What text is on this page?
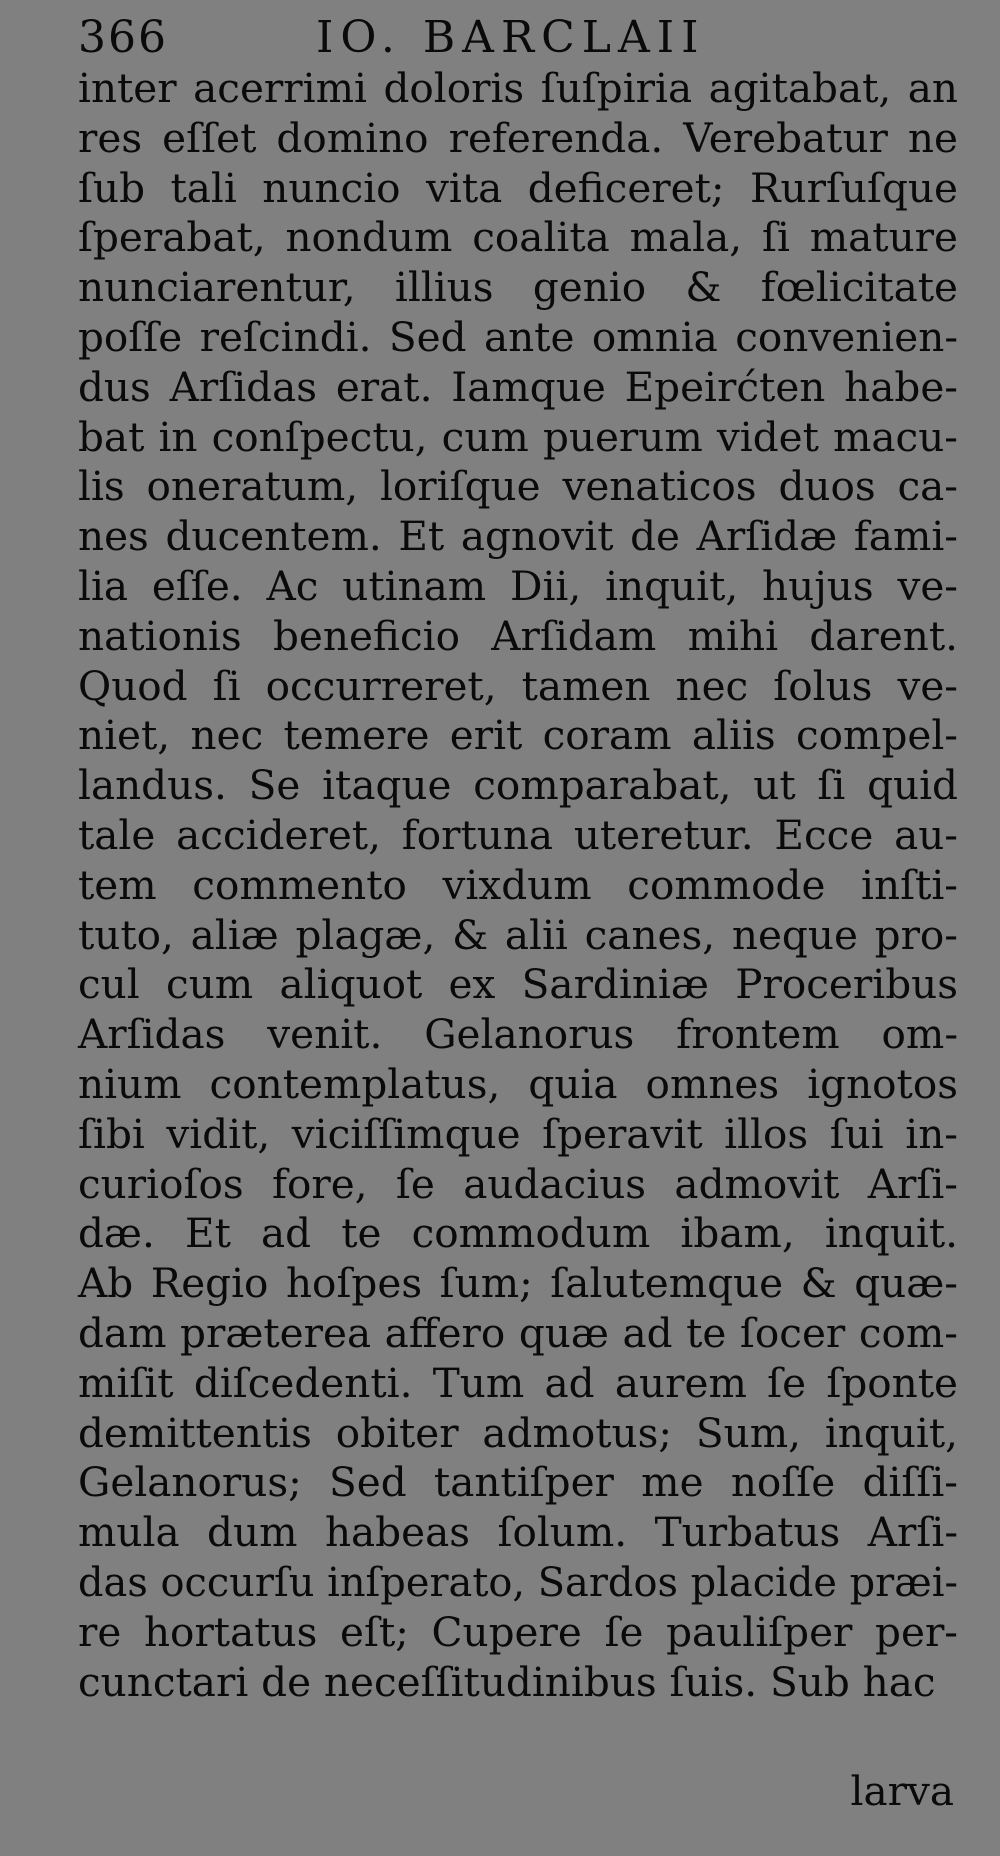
366	IO. BARCLAII
inter acerrimi doloris ſuſpiria agitabat, an
res eſſet domino referenda. Verebatur ne
ſub tali nuncio vita deficeret; Rurſuſque
ſperabat, nondum coalita mala, ſi mature
nunciarentur, illius genio & fœlicitate
poſſe reſcindi. Sed ante omnia convenien-
dus Arſidas erat. Iamque Epeirćten habe-
bat in conſpectu, cum puerum videt macu-
lis oneratum, loriſque venaticos duos ca-
nes ducentem. Et agnovit de Arſidæ fami-
lia eſſe. Ac utinam Dii, inquit, hujus ve-
nationis beneficio Arſidam mihi darent.
Quod ſi occurreret, tamen nec ſolus ve-
niet, nec temere erit coram aliis compel-
landus. Se itaque comparabat, ut ſi quid
tale accideret, fortuna uteretur. Ecce au-
tem commento vixdum commode inſti-
tuto, aliæ plagæ, & alii canes, neque pro-
cul cum aliquot ex Sardiniæ Proceribus
Arſidas venit. Gelanorus frontem om-
nium contemplatus, quia omnes ignotos
ſibi vidit, viciſſimque ſperavit illos ſui in-
curioſos fore, ſe audacius admovit Arſi-
dæ. Et ad te commodum ibam, inquit.
Ab Regio hoſpes ſum; ſalutemque & quæ-
dam præterea affero quæ ad te ſocer com-
miſit diſcedenti. Tum ad aurem ſe ſponte
demittentis obiter admotus; Sum, inquit,
Gelanorus; Sed tantiſper me noſſe diſſi-
mula dum habeas ſolum. Turbatus Arſi-
das occurſu inſperato, Sardos placide præi-
re hortatus eſt; Cupere ſe pauliſper per-
cunctari de neceſſitudinibus ſuis. Sub hac
larva
